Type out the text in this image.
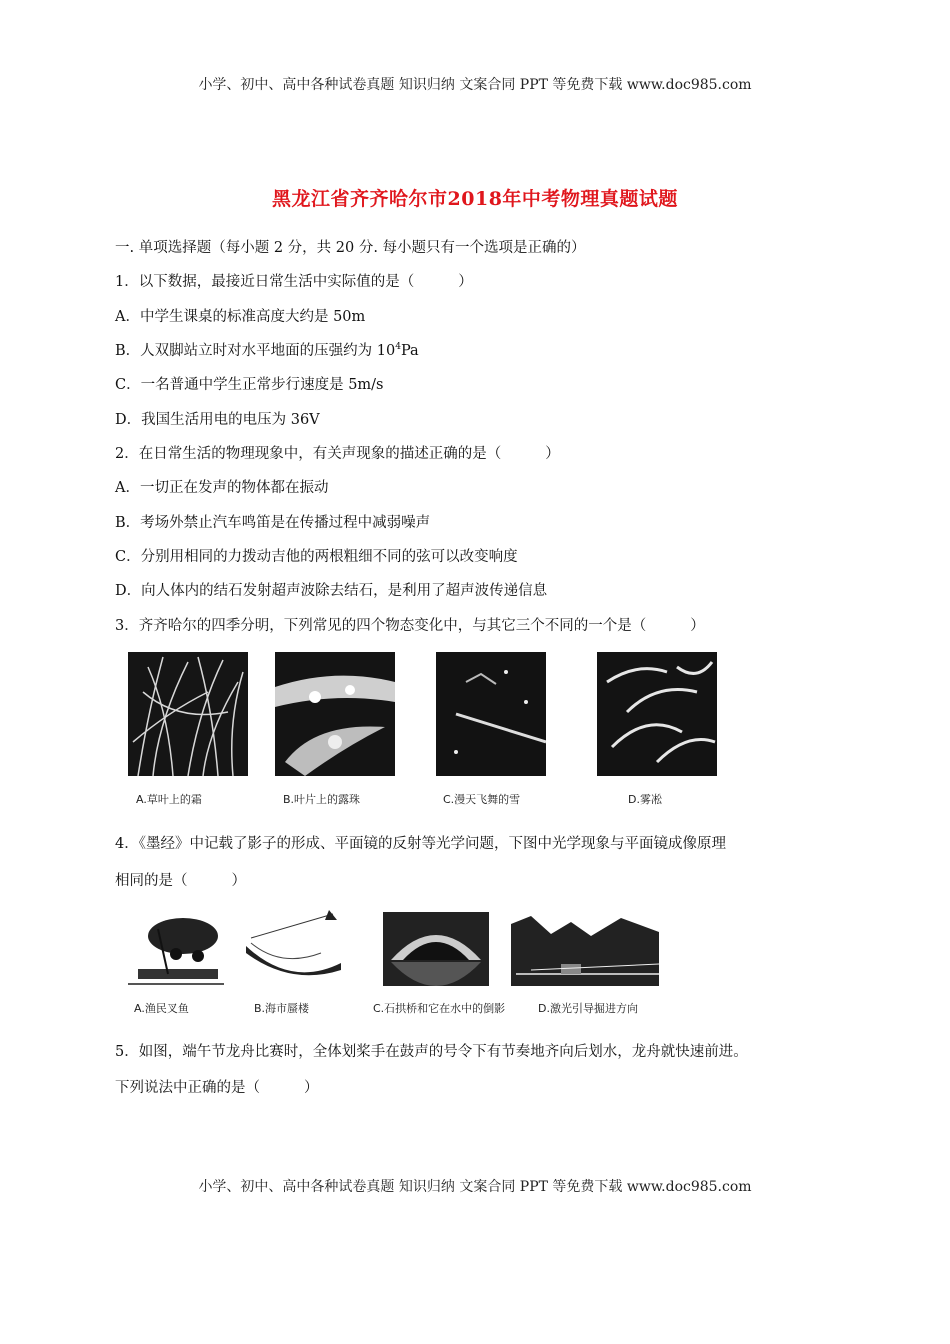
小学、初中、高中各种试卷真题 知识归纳 文案合同 PPT 等免费下载 www.doc985.com
黑龙江省齐齐哈尔市2018年中考物理真题试题
一. 单项选择题（每小题 2 分，共 20 分. 每小题只有一个选项是正确的）
1．以下数据，最接近日常生活中实际值的是（	）
A．中学生课桌的标准高度大约是 50m
B．人双脚站立时对水平地面的压强约为 $10^4Pa$
C．一名普通中学生正常步行速度是 5m/s
D．我国生活用电的电压为 36V
2．在日常生活的物理现象中，有关声现象的描述正确的是（	）
A．一切正在发声的物体都在振动
B．考场外禁止汽车鸣笛是在传播过程中减弱噪声
C．分别用相同的力拨动吉他的两根粗细不同的弦可以改变响度
D．向人体内的结石发射超声波除去结石，是利用了超声波传递信息
3．齐齐哈尔的四季分明，下列常见的四个物态变化中，与其它三个不同的一个是（	）
A.草叶上的霜	B.叶片上的露珠	C.漫天飞舞的雪	D.雾凇
4．《墨经》中记载了影子的形成、平面镜的反射等光学问题，下图中光学现象与平面镜成像原理
相同的是（	）
A.渔民叉鱼	B.海市蜃楼	C.石拱桥和它在水中的倒影	D.激光引导掘进方向
5．如图，端午节龙舟比赛时，全体划桨手在鼓声的号令下有节奏地齐向后划水，龙舟就快速前进。
下列说法中正确的是（	）
小学、初中、高中各种试卷真题 知识归纳 文案合同 PPT 等免费下载 www.doc985.com
